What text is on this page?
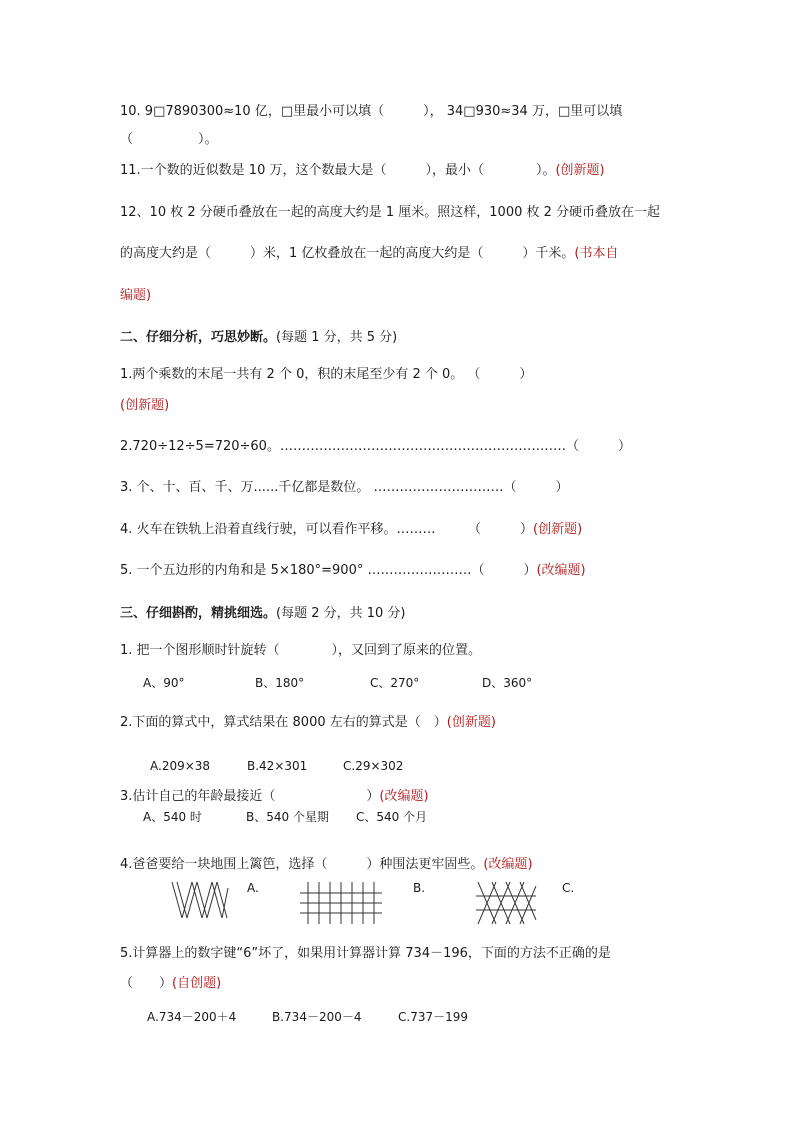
10. 9□7890300≈10 亿，□里最小可以填（　　　）， 34□930≈34 万，□里可以填
（　　　　　）。
11.一个数的近似数是 10 万，这个数最大是（　　　），最小（　　　　）。(创新题)
12、10 枚 2 分硬币叠放在一起的高度大约是 1 厘米。照这样，1000 枚 2 分硬币叠放在一起
的高度大约是（　　　）米，1 亿枚叠放在一起的高度大约是（　　　）千米。(书本自
编题)
二、仔细分析，巧思妙断。(每题 1 分，共 5 分)
1.两个乘数的末尾一共有 2 个 0，积的末尾至少有 2 个 0。 （　　　）
(创新题)
2.720÷12÷5=720÷60。…………………………………………………………（　　　）
3. 个、十、百、千、万......千亿都是数位。 …………………………（　　　）
4. 火车在铁轨上沿着直线行驶，可以看作平移。………　　　（　　　）(创新题)
5. 一个五边形的内角和是 5×180°=900° ……………………（　　　）(改编题)
三、仔细斟酌，精挑细选。(每题 2 分，共 10 分)
1. 把一个图形顺时针旋转（　　　　），又回到了原来的位置。
A、90°	B、180°	C、270°	D、360°
2.下面的算式中，算式结果在 8000 左右的算式是（　）(创新题)
A.209×38	B.42×301	C.29×302
3.估计自己的年龄最接近（　　　　　　　）(改编题)
A、540 时	B、540 个星期 C、540 个月
4.爸爸要给一块地围上篱笆，选择（　　　）种围法更牢固些。(改编题)
A.	B.	C.
5.计算器上的数字键“6”坏了，如果用计算器计算 734－196，下面的方法不正确的是
（　　）(自创题)
A.734－200＋4	B.734－200－4	C.737－199
